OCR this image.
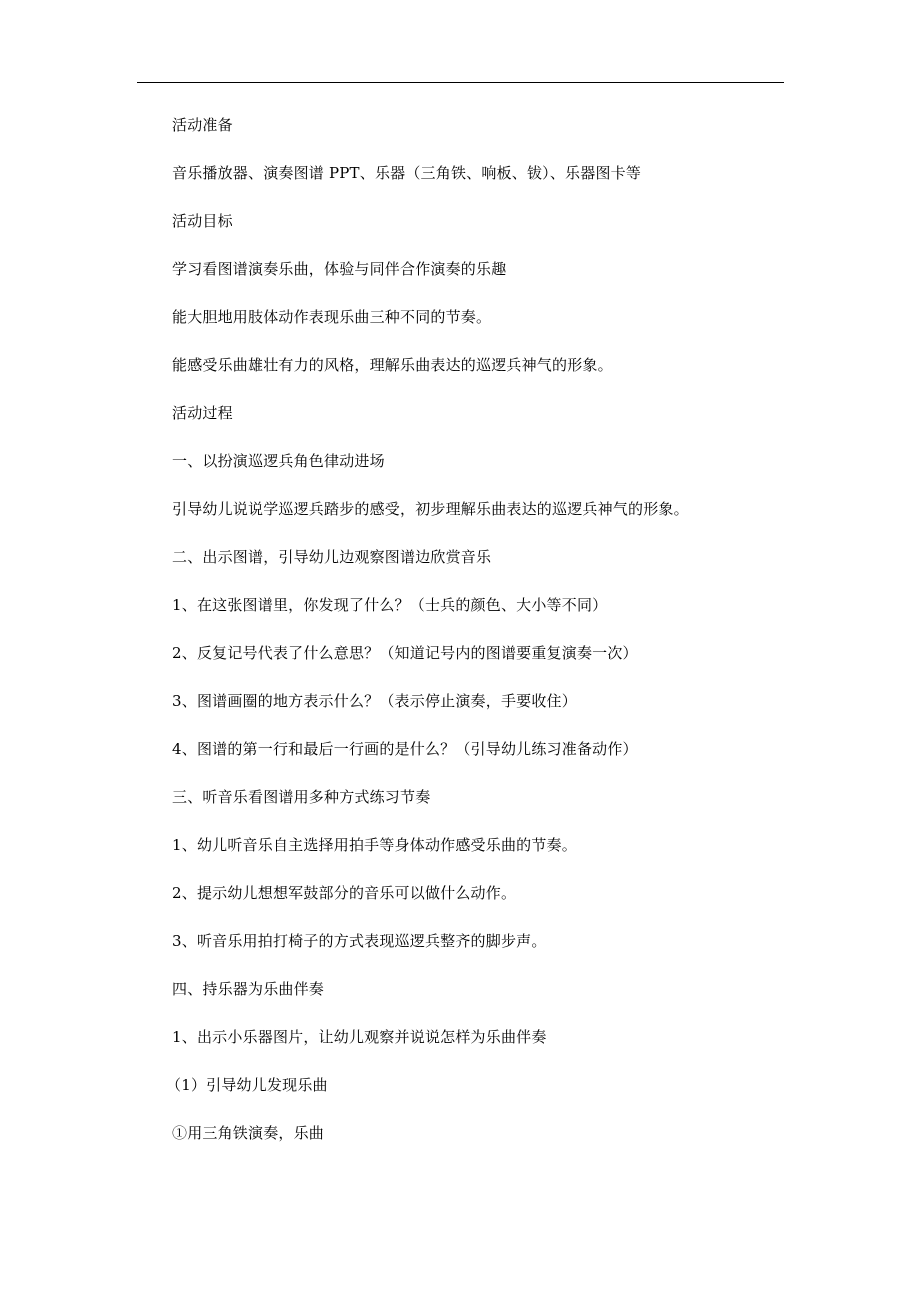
活动准备
音乐播放器、演奏图谱 PPT、乐器（三角铁、响板、钹）、乐器图卡等
活动目标
学习看图谱演奏乐曲，体验与同伴合作演奏的乐趣
能大胆地用肢体动作表现乐曲三种不同的节奏。
能感受乐曲雄壮有力的风格，理解乐曲表达的巡逻兵神气的形象。
活动过程
一、以扮演巡逻兵角色律动进场
引导幼儿说说学巡逻兵踏步的感受，初步理解乐曲表达的巡逻兵神气的形象。
二、出示图谱，引导幼儿边观察图谱边欣赏音乐
1、在这张图谱里，你发现了什么？（士兵的颜色、大小等不同）
2、反复记号代表了什么意思？（知道记号内的图谱要重复演奏一次）
3、图谱画圈的地方表示什么？（表示停止演奏，手要收住）
4、图谱的第一行和最后一行画的是什么？（引导幼儿练习准备动作）
三、听音乐看图谱用多种方式练习节奏
1、幼儿听音乐自主选择用拍手等身体动作感受乐曲的节奏。
2、提示幼儿想想军鼓部分的音乐可以做什么动作。
3、听音乐用拍打椅子的方式表现巡逻兵整齐的脚步声。
四、持乐器为乐曲伴奏
1、出示小乐器图片，让幼儿观察并说说怎样为乐曲伴奏
（1）引导幼儿发现乐曲
①用三角铁演奏，乐曲
